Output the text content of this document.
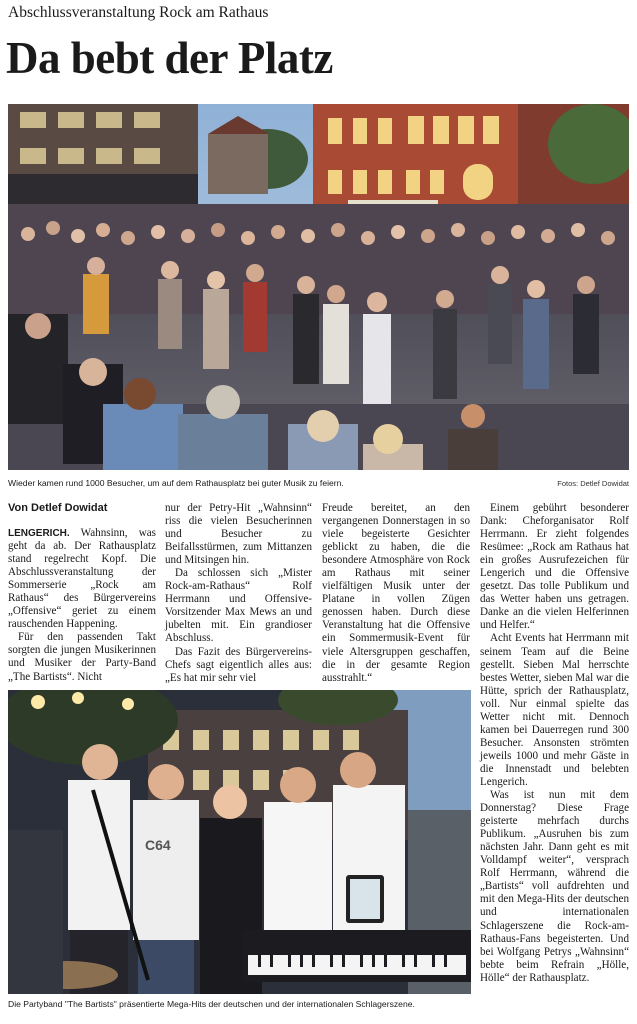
Abschlussveranstaltung Rock am Rathaus
Da bebt der Platz
Wieder kamen rund 1000 Besucher, um auf dem Rathausplatz bei guter Musik zu feiern.	Fotos: Detlef Dowidat
Von Detlef Dowidat

LENGERICH. Wahnsinn, was geht da ab. Der Rathausplatz stand regelrecht Kopf. Die Abschlussveranstaltung der Sommerserie „Rock am Rathaus“ des Bürgervereins „Offensive“ geriet zu einem rauschenden Happening.

Für den passenden Takt sorgten die jungen Musikerinnen und Musiker der Party-Band „The Bartists“. Nicht

nur der Petry-Hit „Wahnsinn“ riss die vielen Besucherinnen und Besucher zu Beifallsstürmen, zum Mittanzen und Mitsingen hin.

Da schlossen sich „Mister Rock-am-Rathaus“ Rolf Herrmann und Offensive-Vorsitzender Max Mews an und jubelten mit. Ein grandioser Abschluss.

Das Fazit des Bürgervereins-Chefs sagt eigentlich alles aus: „Es hat mir sehr viel

Freude bereitet, an den vergangenen Donnerstagen in so viele begeisterte Gesichter geblickt zu haben, die die besondere Atmosphäre von Rock am Rathaus mit seiner vielfältigen Musik unter der Platane in vollen Zügen genossen haben. Durch diese Veranstaltung hat die Offensive ein Sommermusik-Event für viele Altersgruppen geschaffen, die in der gesamte Region ausstrahlt.“

Einem gebührt besonderer Dank: Cheforganisator Rolf Herrmann. Er zieht folgendes Resümee: „Rock am Rathaus hat ein großes Ausrufezeichen für Lengerich und die Offensive gesetzt. Das tolle Publikum und das Wetter haben uns getragen. Danke an die vielen Helferinnen und Helfer.“

Acht Events hat Herrmann mit seinem Team auf die Beine gestellt. Sieben Mal herrschte bestes Wetter, sieben Mal war die Hütte, sprich der Rathausplatz, voll. Nur einmal spielte das Wetter nicht mit. Dennoch kamen bei Dauerregen rund 300 Besucher. Ansonsten strömten jeweils 1000 und mehr Gäste in die Innenstadt und belebten Lengerich.

Was ist nun mit dem Donnerstag? Diese Frage geisterte mehrfach durchs Publikum. „Ausruhen bis zum nächsten Jahr. Dann geht es mit Volldampf weiter“, versprach Rolf Herrmann, während die „Bartists“ voll aufdrehten und mit den Mega-Hits der deutschen und internationalen Schlagerszene die Rock-am-Rathaus-Fans begeisterten. Und bei Wolfgang Petrys „Wahnsinn“ bebte beim Refrain „Hölle, Hölle“ der Rathausplatz.

C64
Die Partyband "The Bartists" präsentierte Mega-Hits der deutschen und der internationalen Schlagerszene.
